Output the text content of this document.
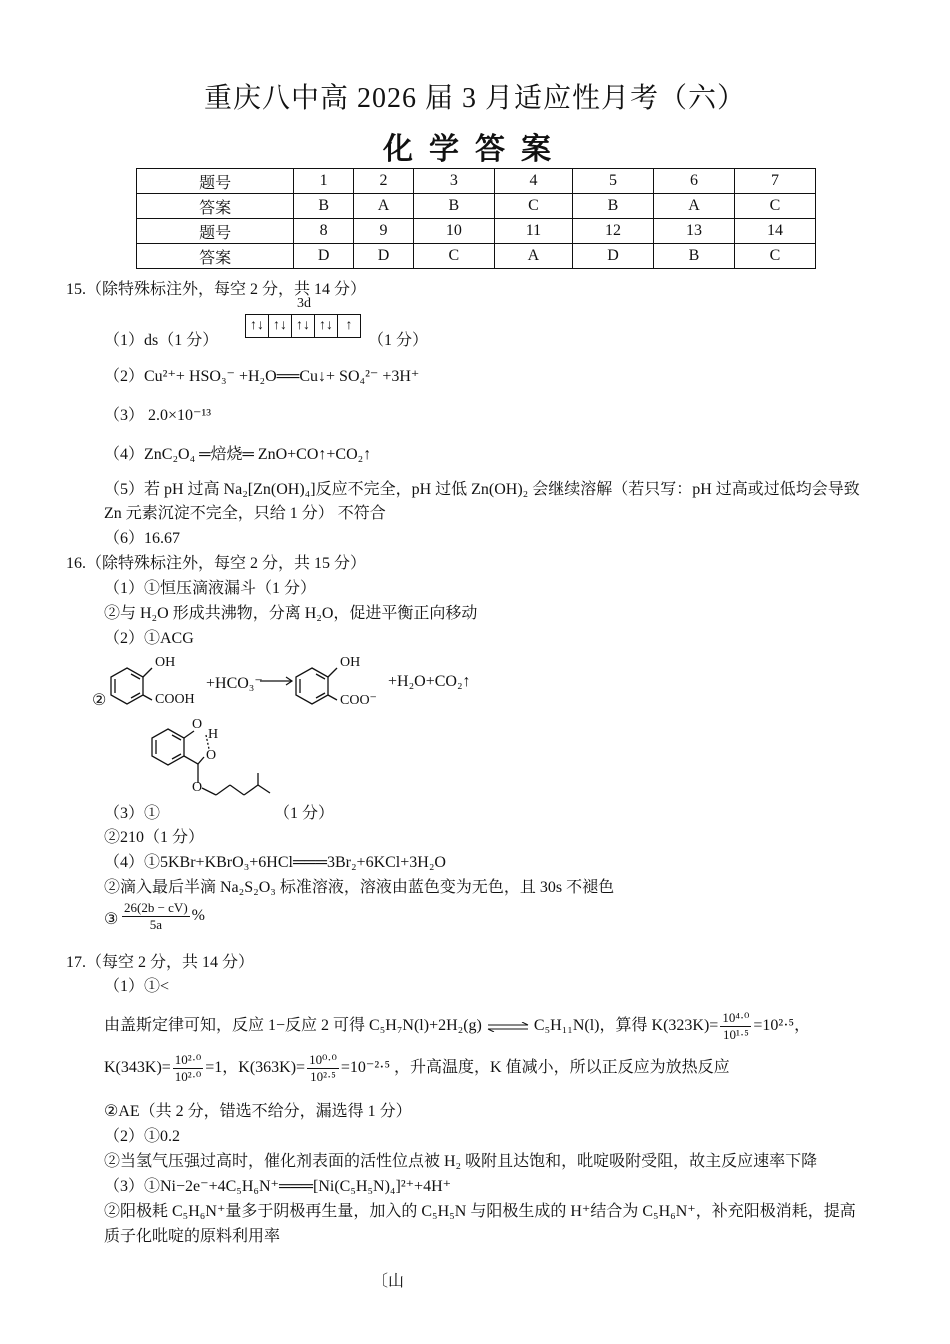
重庆八中高 2026 届 3 月适应性月考（六）
化学答案
题号	1	2	3	4	5	6	7
答案	B	A	B	C	B	A	C
题号	8	9	10	11	12	13	14
答案	D	D	C	A	D	B	C
15.（除特殊标注外，每空 2 分，共 14 分）
3d
（1）ds（1 分）
↑↓ ↑↓ ↑↓ ↑↓ ↑
（1 分）
（2）Cu²⁺+ HSO₃⁻ +H₂O══Cu↓+ SO₄²⁻ +3H⁺
（3） 2.0×10⁻¹³
（4）ZnC₂O₄ ═焙烧═ ZnO+CO↑+CO₂↑
（5）若 pH 过高 Na₂[Zn(OH)₄]反应不完全，pH 过低 Zn(OH)₂ 会继续溶解（若只写：pH 过高或过低均会导致
Zn 元素沉淀不完全，只给 1 分） 不符合
（6）16.67
16.（除特殊标注外，每空 2 分，共 15 分）
（1）①恒压滴液漏斗（1 分）
②与 H₂O 形成共沸物，分离 H₂O，促进平衡正向移动
（2）①ACG
②
OH
COOH
+HCO₃⁻
OH
COO⁻
+H₂O+CO₂↑
O
H
O
O
（3）①	（1 分）
②210（1 分）
（4）①5KBr+KBrO₃+6HCl═══3Br₂+6KCl+3H₂O
②滴入最后半滴 Na₂S₂O₃ 标准溶液，溶液由蓝色变为无色，且 30s 不褪色
③ $\frac{26(2b - cV)}{5a}$ %
17.（每空 2 分，共 14 分）
（1）①<
由盖斯定律可知，反应 1−反应 2 可得 C₅H₇N(l)+2H₂(g) ⇌ C₅H₁₁N(l)，算得 $K(323K)= \frac{\text{10⁴·⁰}}{\text{10¹·⁵}} =10^2\cdot^5$，
$K(343K)= \frac{\text{10²·⁰}}{\text{10²·⁰}} =1$，$K(363K)= \frac{\text{10⁰·⁰}}{\text{10²·⁵}} =10^{-2}\cdot^5$ ，升高温度，K 值减小，所以正反应为放热反应
②AE（共 2 分，错选不给分，漏选得 1 分）
（2）①0.2
②当氢气压强过高时，催化剂表面的活性位点被 H₂ 吸附且达饱和，吡啶吸附受阻，故主反应速率下降
（3）①Ni−2e⁻+4C₅H₆N⁺═══[Ni(C₅H₅N)₄]²⁺+4H⁺
②阳极耗 C₅H₆N⁺量多于阴极再生量，加入的 C₅H₅N 与阳极生成的 H⁺结合为 C₅H₆N⁺，补充阳极消耗，提高
质子化吡啶的原料利用率
〔山
